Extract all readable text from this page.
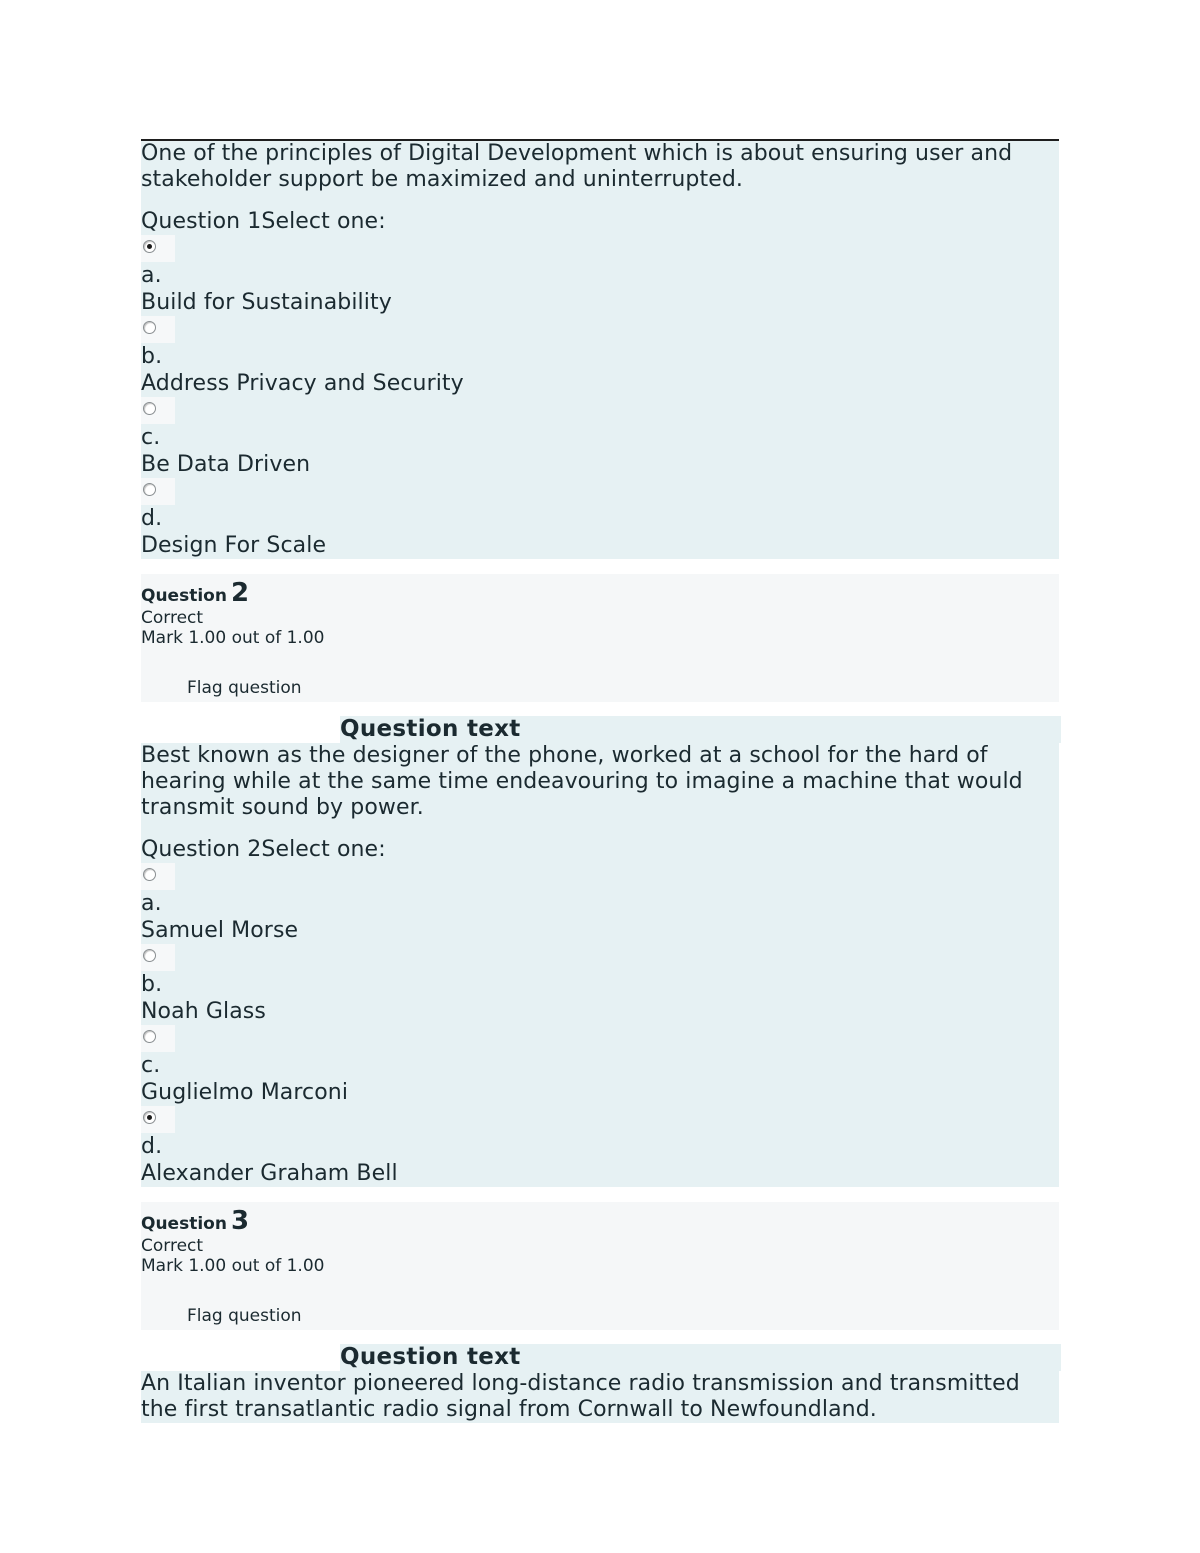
One of the principles of Digital Development which is about ensuring user and stakeholder support be maximized and uninterrupted.
Question 1Select one:
a.
Build for Sustainability
b.
Address Privacy and Security
c.
Be Data Driven
d.
Design For Scale
Question 2
Correct
Mark 1.00 out of 1.00
Flag question
Question text
Best known as the designer of the phone, worked at a school for the hard of hearing while at the same time endeavouring to imagine a machine that would transmit sound by power.
Question 2Select one:
a.
Samuel Morse
b.
Noah Glass
c.
Guglielmo Marconi
d.
Alexander Graham Bell
Question 3
Correct
Mark 1.00 out of 1.00
Flag question
Question text
An Italian inventor pioneered long-distance radio transmission and transmitted the first transatlantic radio signal from Cornwall to Newfoundland.
